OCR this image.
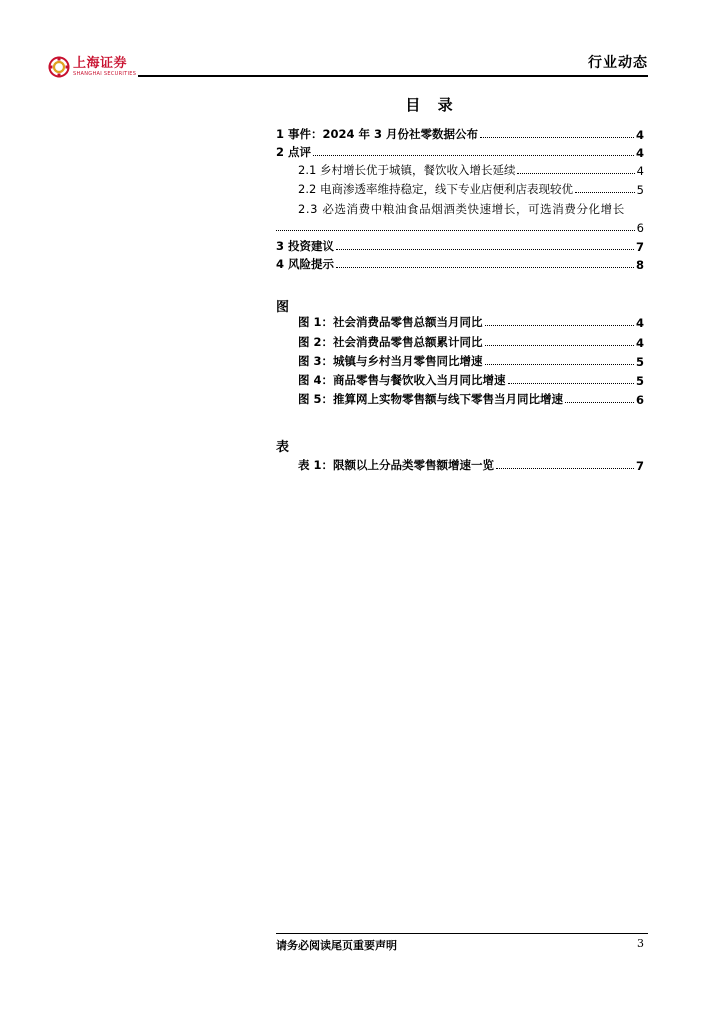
上海证券
SHANGHAI SECURITIES
行业动态
目 录
1 事件：2024 年 3 月份社零数据公布	4
2 点评	4
2.1 乡村增长优于城镇，餐饮收入增长延续	4
2.2 电商渗透率维持稳定，线下专业店便利店表现较优	5
2.3 必选消费中粮油食品烟酒类快速增长，可选消费分化增长
6
3 投资建议	7
4 风险提示	8
图 1：社会消费品零售总额当月同比	4
图 2：社会消费品零售总额累计同比	4
图 3：城镇与乡村当月零售同比增速	5
图 4：商品零售与餐饮收入当月同比增速	5
图 5：推算网上实物零售额与线下零售当月同比增速	6
表 1：限额以上分品类零售额增速一览	7
图
表
请务必阅读尾页重要声明	3
